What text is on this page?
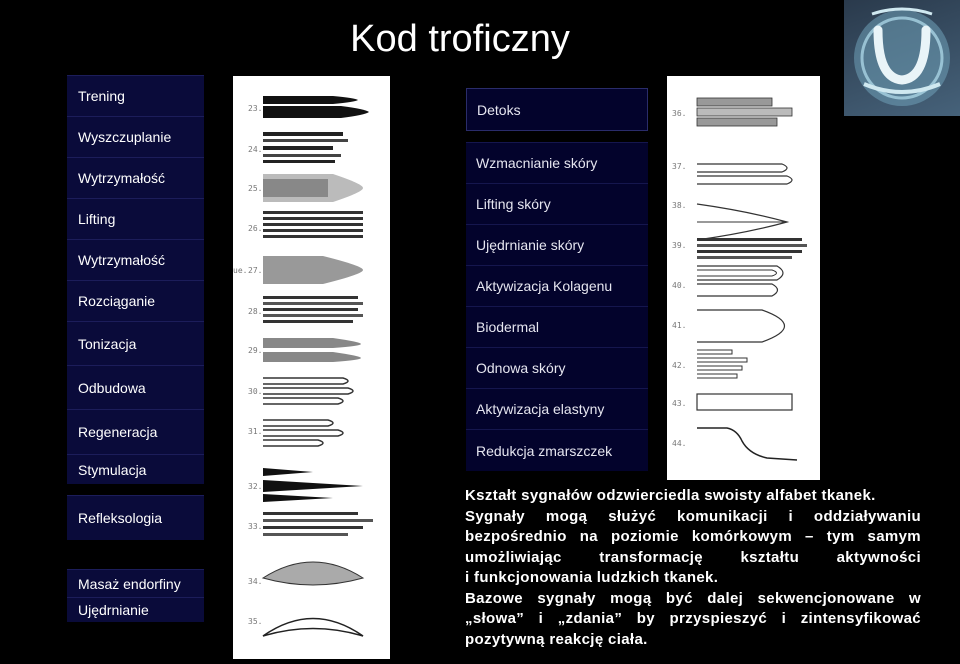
Kod troficzny
Trening
Wyszczuplanie
Wytrzymałość
Lifting
Wytrzymałość
Rozciąganie
Tonizacja
Odbudowa
Regeneracja
Stymulacja
Refleksologia
Masaż endorfiny
Ujędrnianie
23.
24.
25.
26.
27.
ue.
28.
29.
30.
31.
32.
33.
34.
35.
Detoks
Wzmacnianie skóry
Lifting skóry
Ujędrnianie skóry
Aktywizacja Kolagenu
Biodermal
Odnowa skóry
Aktywizacja elastyny
Redukcja zmarszczek
36.
37.
38.
39.
40.
41.
42.
43.
44.

Kształt sygnałów odzwierciedla swoisty alfabet tkanek.

Sygnały mogą służyć komunikacji i oddziaływaniu

bezpośrednio na poziomie komórkowym – tym samym

umożliwiając transformację kształtu aktywności

i funkcjonowania ludzkich tkanek.

Bazowe sygnały mogą być dalej sekwencjonowane w

„słowa” i „zdania” by przyspieszyć i zintensyfikować

pozytywną reakcję ciała.
